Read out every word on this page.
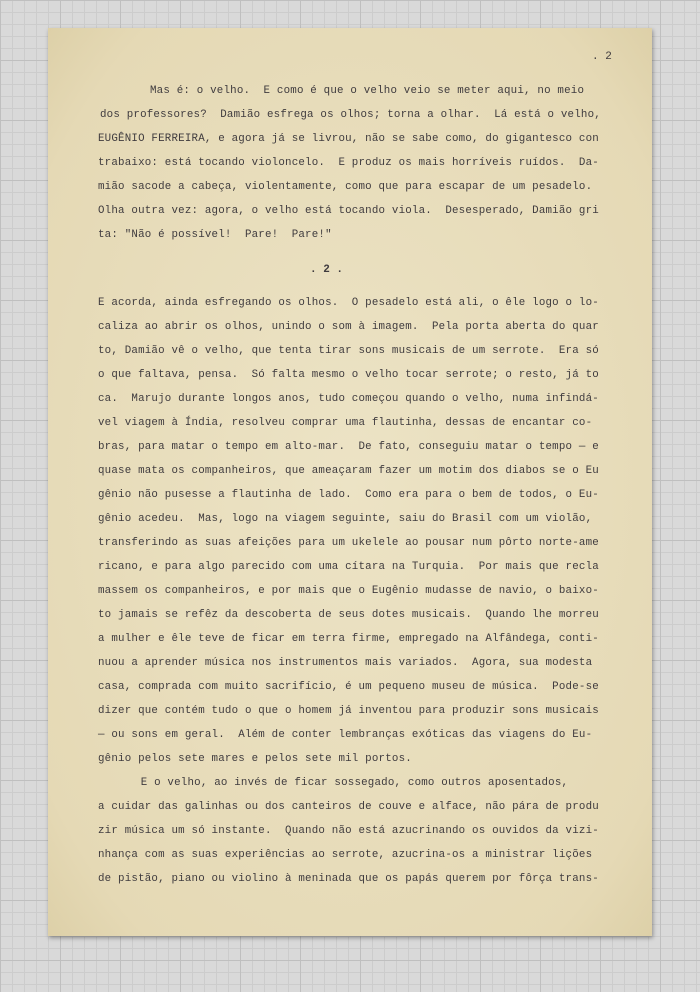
. 2
Mas é: o velho.  E como é que o velho veio se meter aqui, no meio
dos professores?  Damião esfrega os olhos; torna a olhar.  Lá está o velho,
EUGÊNIO FERREIRA, e agora já se livrou, não se sabe como, do gigantesco con
trabaixo: está tocando violoncelo.  E produz os mais horríveis ruídos.  Da-
mião sacode a cabeça, violentamente, como que para escapar de um pesadelo.
Olha outra vez: agora, o velho está tocando viola.  Desesperado, Damião gri
ta: "Não é possível!  Pare!  Pare!"
. 2 .
E acorda, ainda esfregando os olhos.  O pesadelo está ali, o êle logo o lo-
caliza ao abrir os olhos, unindo o som à imagem.  Pela porta aberta do quar
to, Damião vê o velho, que tenta tirar sons musicais de um serrote.  Era só
o que faltava, pensa.  Só falta mesmo o velho tocar serrote; o resto, já to
ca.  Marujo durante longos anos, tudo começou quando o velho, numa infindá-
vel viagem à Índia, resolveu comprar uma flautinha, dessas de encantar co-
bras, para matar o tempo em alto-mar.  De fato, conseguiu matar o tempo — e
quase mata os companheiros, que ameaçaram fazer um motim dos diabos se o Eu
gênio não pusesse a flautinha de lado.  Como era para o bem de todos, o Eu-
gênio acedeu.  Mas, logo na viagem seguinte, saiu do Brasil com um violão,
transferindo as suas afeições para um ukelele ao pousar num pôrto norte-ame
ricano, e para algo parecido com uma cítara na Turquia.  Por mais que recla
massem os companheiros, e por mais que o Eugênio mudasse de navio, o baixo-
to jamais se refêz da descoberta de seus dotes musicais.  Quando lhe morreu
a mulher e êle teve de ficar em terra firme, empregado na Alfândega, conti-
nuou a aprender música nos instrumentos mais variados.  Agora, sua modesta
casa, comprada com muito sacrifício, é um pequeno museu de música.  Pode-se
dizer que contém tudo o que o homem já inventou para produzir sons musicais
— ou sons em geral.  Além de conter lembranças exóticas das viagens do Eu-
gênio pelos sete mares e pelos sete mil portos.
E o velho, ao invés de ficar sossegado, como outros aposentados,
a cuidar das galinhas ou dos canteiros de couve e alface, não pára de produ
zir música um só instante.  Quando não está azucrinando os ouvidos da vizi-
nhança com as suas experiências ao serrote, azucrina-os a ministrar lições
de pistão, piano ou violino à meninada que os papás querem por fôrça trans-
